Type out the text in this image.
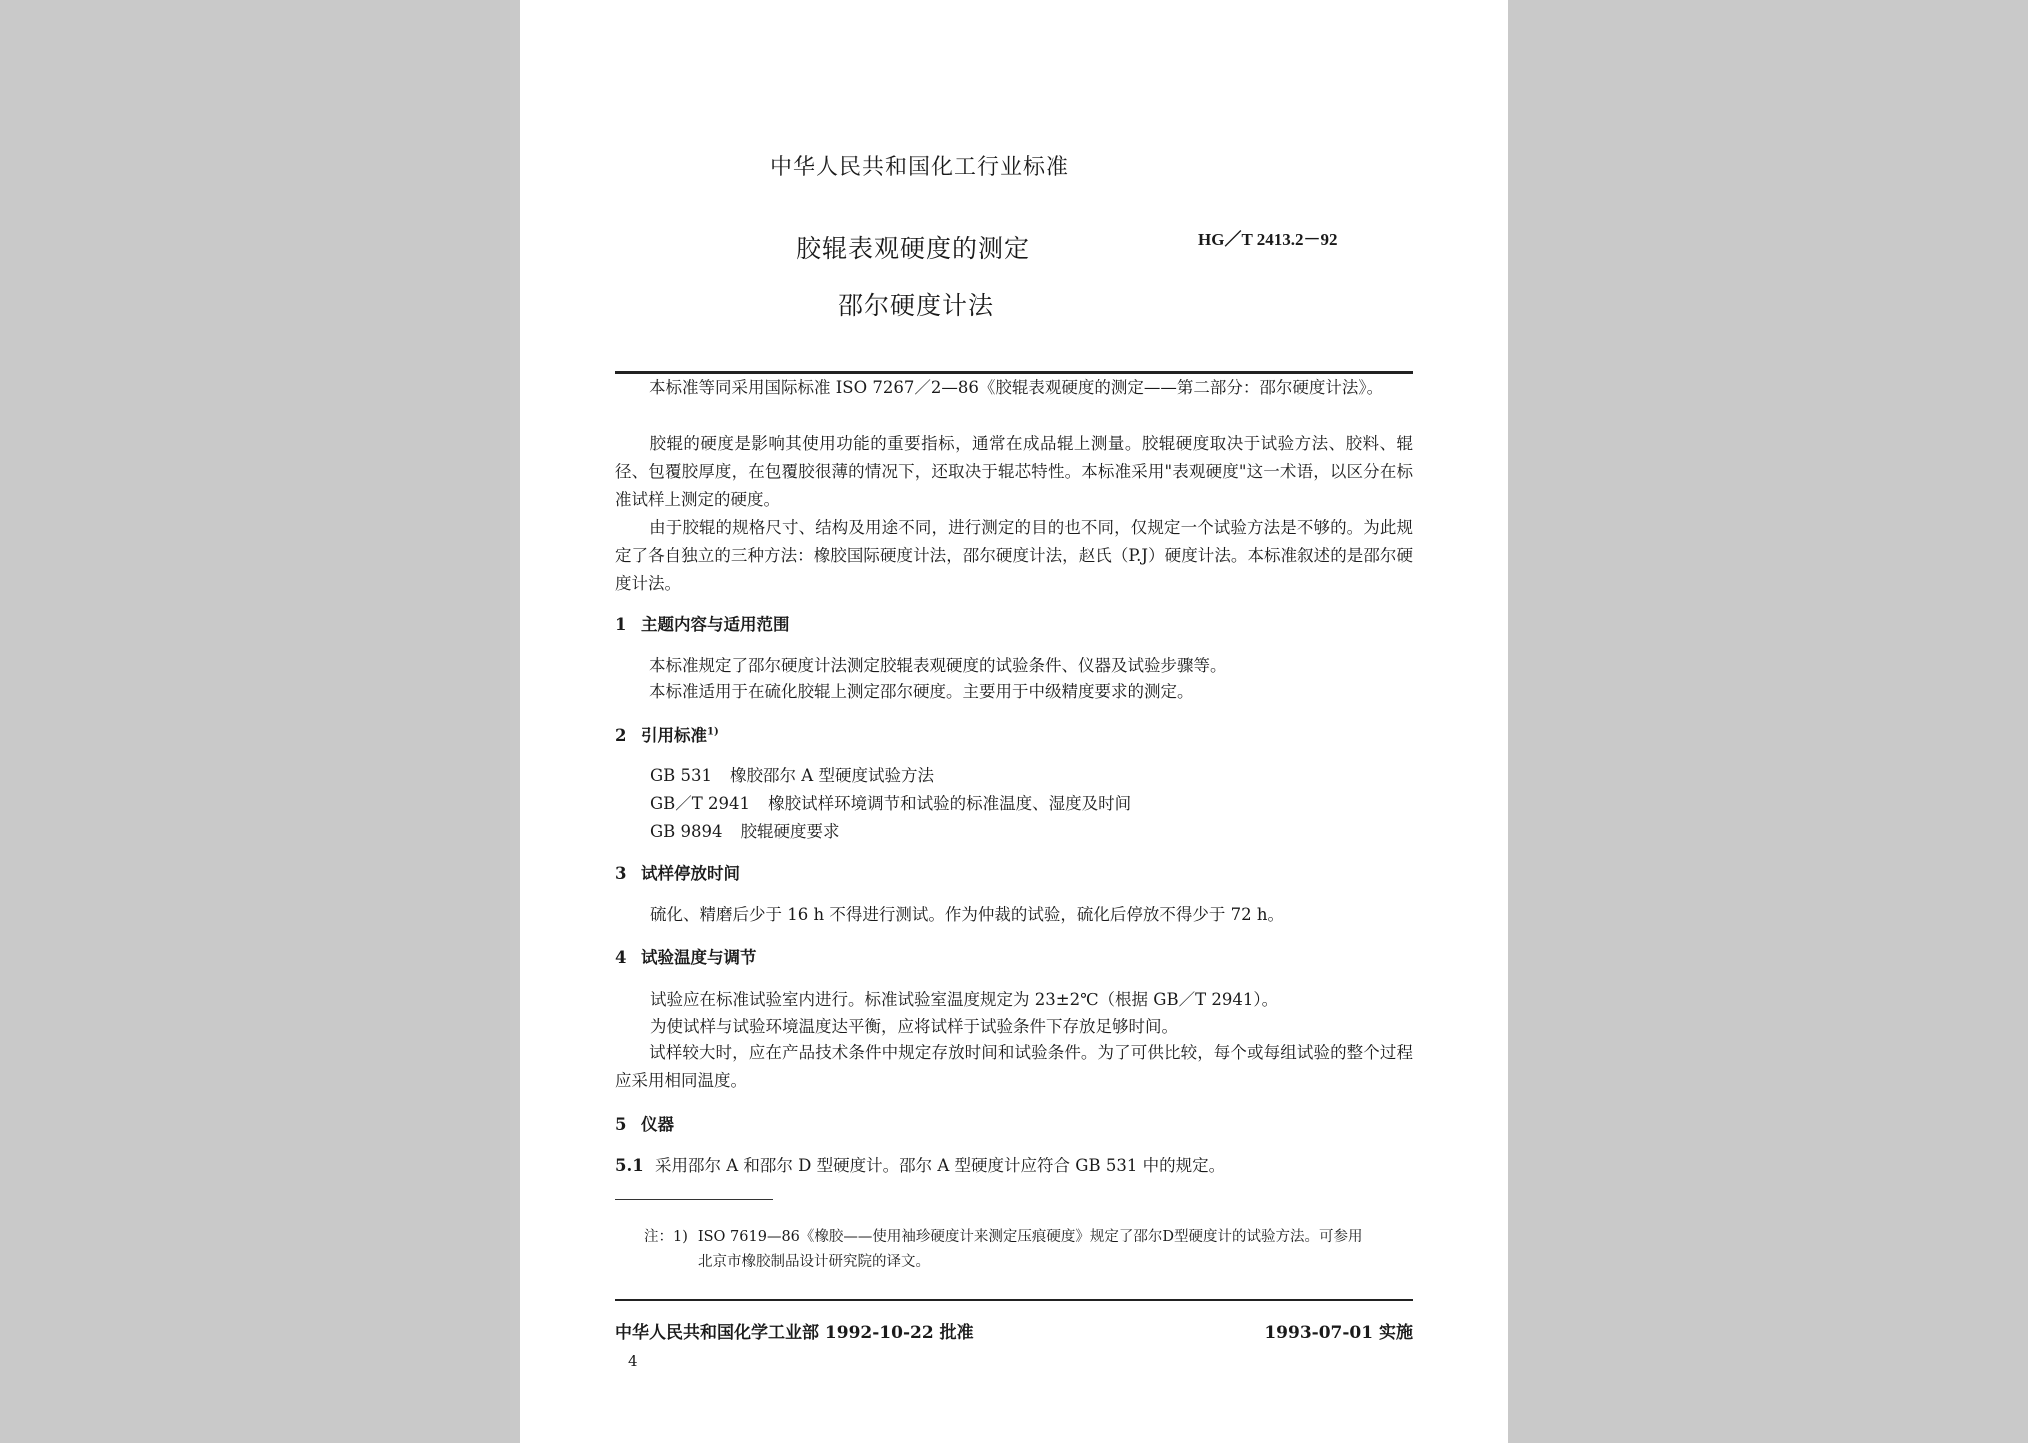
中华人民共和国化工行业标准
胶辊表观硬度的测定
邵尔硬度计法
HG／T 2413.2－92
本标准等同采用国际标准 ISO 7267／2—86《胶辊表观硬度的测定——第二部分：邵尔硬度计法》。
胶辊的硬度是影响其使用功能的重要指标，通常在成品辊上测量。胶辊硬度取决于试验方法、胶料、辊径、包覆胶厚度，在包覆胶很薄的情况下，还取决于辊芯特性。本标准采用"表观硬度"这一术语，以区分在标准试样上测定的硬度。
由于胶辊的规格尺寸、结构及用途不同，进行测定的目的也不同，仅规定一个试验方法是不够的。为此规定了各自独立的三种方法：橡胶国际硬度计法，邵尔硬度计法，赵氏（P.J）硬度计法。本标准叙述的是邵尔硬度计法。
1 主题内容与适用范围
本标准规定了邵尔硬度计法测定胶辊表观硬度的试验条件、仪器及试验步骤等。
本标准适用于在硫化胶辊上测定邵尔硬度。主要用于中级精度要求的测定。
2 引用标准$^{1)}$
GB 531 橡胶邵尔 A 型硬度试验方法
GB／T 2941 橡胶试样环境调节和试验的标准温度、湿度及时间
GB 9894 胶辊硬度要求
3 试样停放时间
硫化、精磨后少于 16 h 不得进行测试。作为仲裁的试验，硫化后停放不得少于 72 h。
4 试验温度与调节
试验应在标准试验室内进行。标准试验室温度规定为 23±2℃（根据 GB／T 2941）。
为使试样与试验环境温度达平衡，应将试样于试验条件下存放足够时间。
试样较大时，应在产品技术条件中规定存放时间和试验条件。为了可供比较，每个或每组试验的整个过程应采用相同温度。
5 仪器
5.1 采用邵尔 A 和邵尔 D 型硬度计。邵尔 A 型硬度计应符合 GB 531 中的规定。
注：1) ISO 7619—86《橡胶——使用袖珍硬度计来测定压痕硬度》规定了邵尔D型硬度计的试验方法。可参用
北京市橡胶制品设计研究院的译文。
中华人民共和国化学工业部 1992-10-22 批准	1993-07-01 实施
4
